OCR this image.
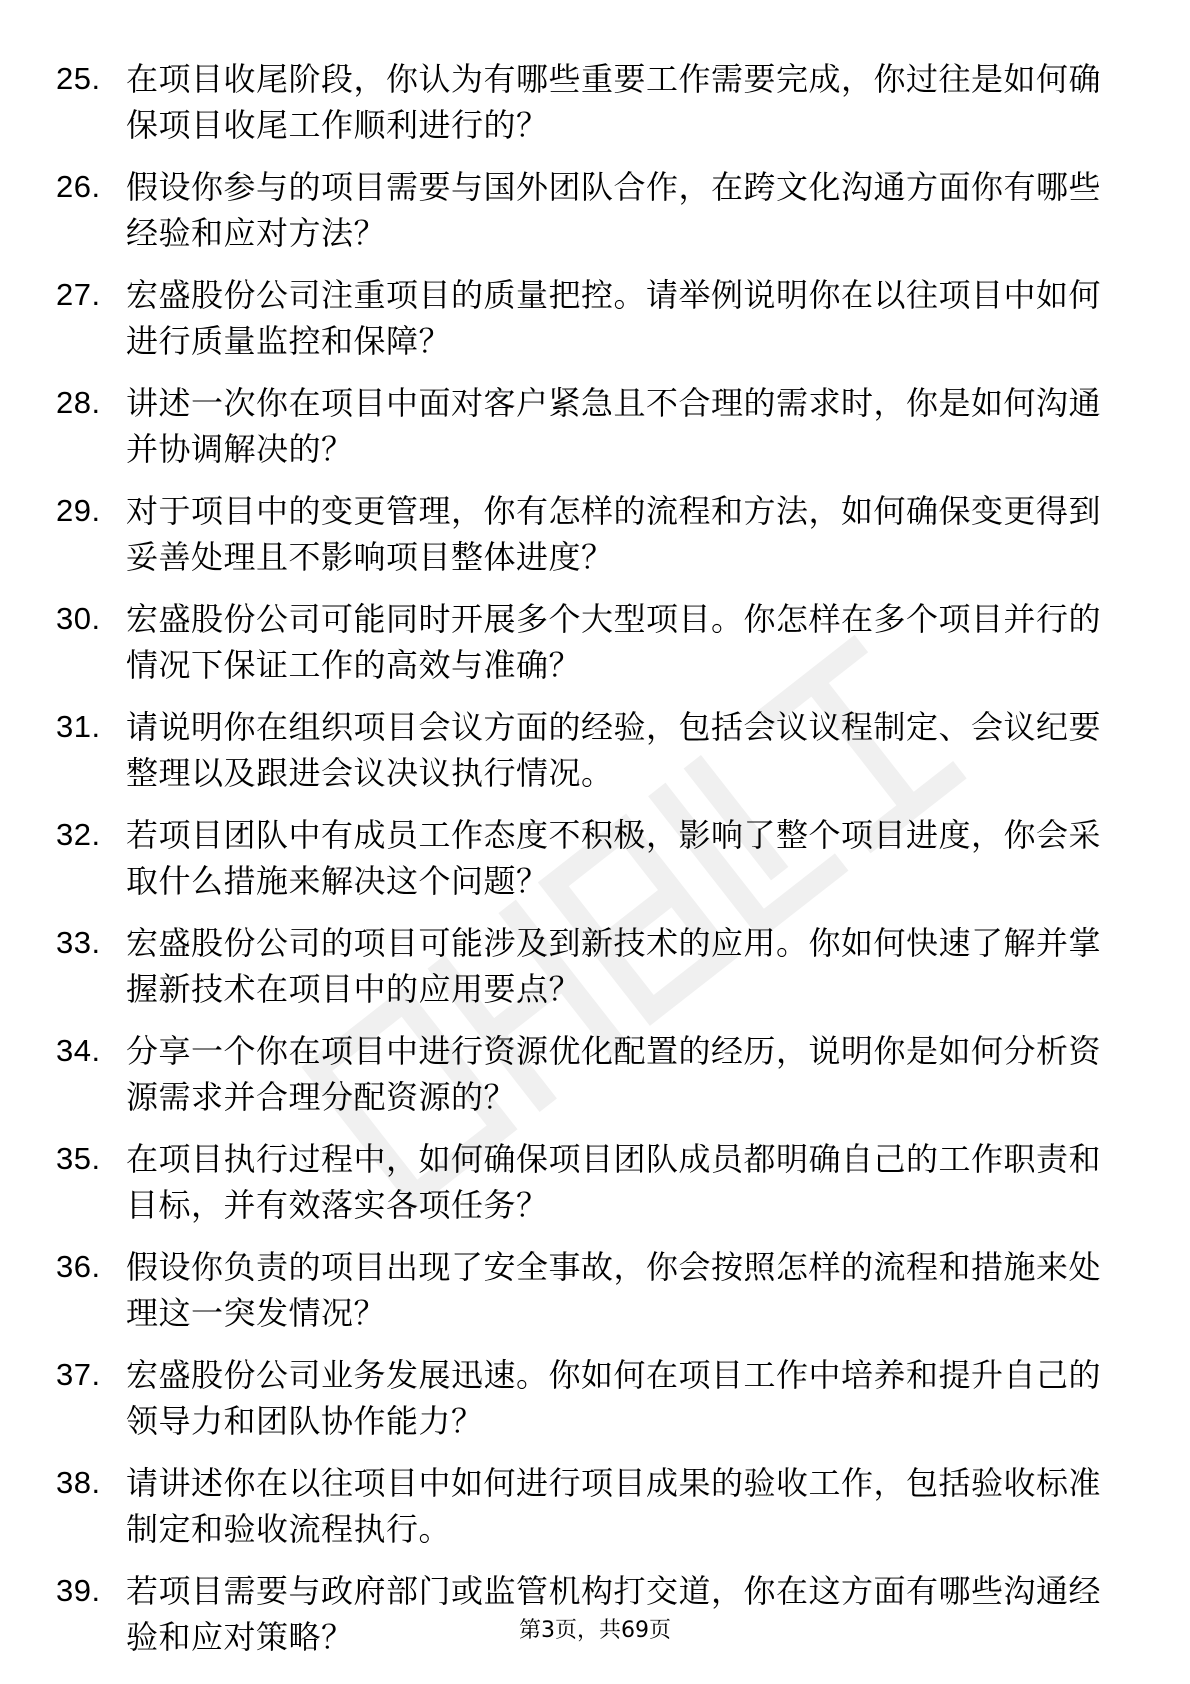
25. 在项目收尾阶段，你认为有哪些重要工作需要完成，你过往是如何确保项目收尾工作顺利进行的？
26. 假设你参与的项目需要与国外团队合作，在跨文化沟通方面你有哪些经验和应对方法？
27. 宏盛股份公司注重项目的质量把控。请举例说明你在以往项目中如何进行质量监控和保障？
28. 讲述一次你在项目中面对客户紧急且不合理的需求时，你是如何沟通并协调解决的？
29. 对于项目中的变更管理，你有怎样的流程和方法，如何确保变更得到妥善处理且不影响项目整体进度？
30. 宏盛股份公司可能同时开展多个大型项目。你怎样在多个项目并行的情况下保证工作的高效与准确？
31. 请说明你在组织项目会议方面的经验，包括会议议程制定、会议纪要整理以及跟进会议决议执行情况。
32. 若项目团队中有成员工作态度不积极，影响了整个项目进度，你会采取什么措施来解决这个问题？
33. 宏盛股份公司的项目可能涉及到新技术的应用。你如何快速了解并掌握新技术在项目中的应用要点？
34. 分享一个你在项目中进行资源优化配置的经历，说明你是如何分析资源需求并合理分配资源的？
35. 在项目执行过程中，如何确保项目团队成员都明确自己的工作职责和目标，并有效落实各项任务？
36. 假设你负责的项目出现了安全事故，你会按照怎样的流程和措施来处理这一突发情况？
37. 宏盛股份公司业务发展迅速。你如何在项目工作中培养和提升自己的领导力和团队协作能力？
38. 请讲述你在以往项目中如何进行项目成果的验收工作，包括验收标准制定和验收流程执行。
39. 若项目需要与政府部门或监管机构打交道，你在这方面有哪些沟通经验和应对策略？	第3页，共69页
